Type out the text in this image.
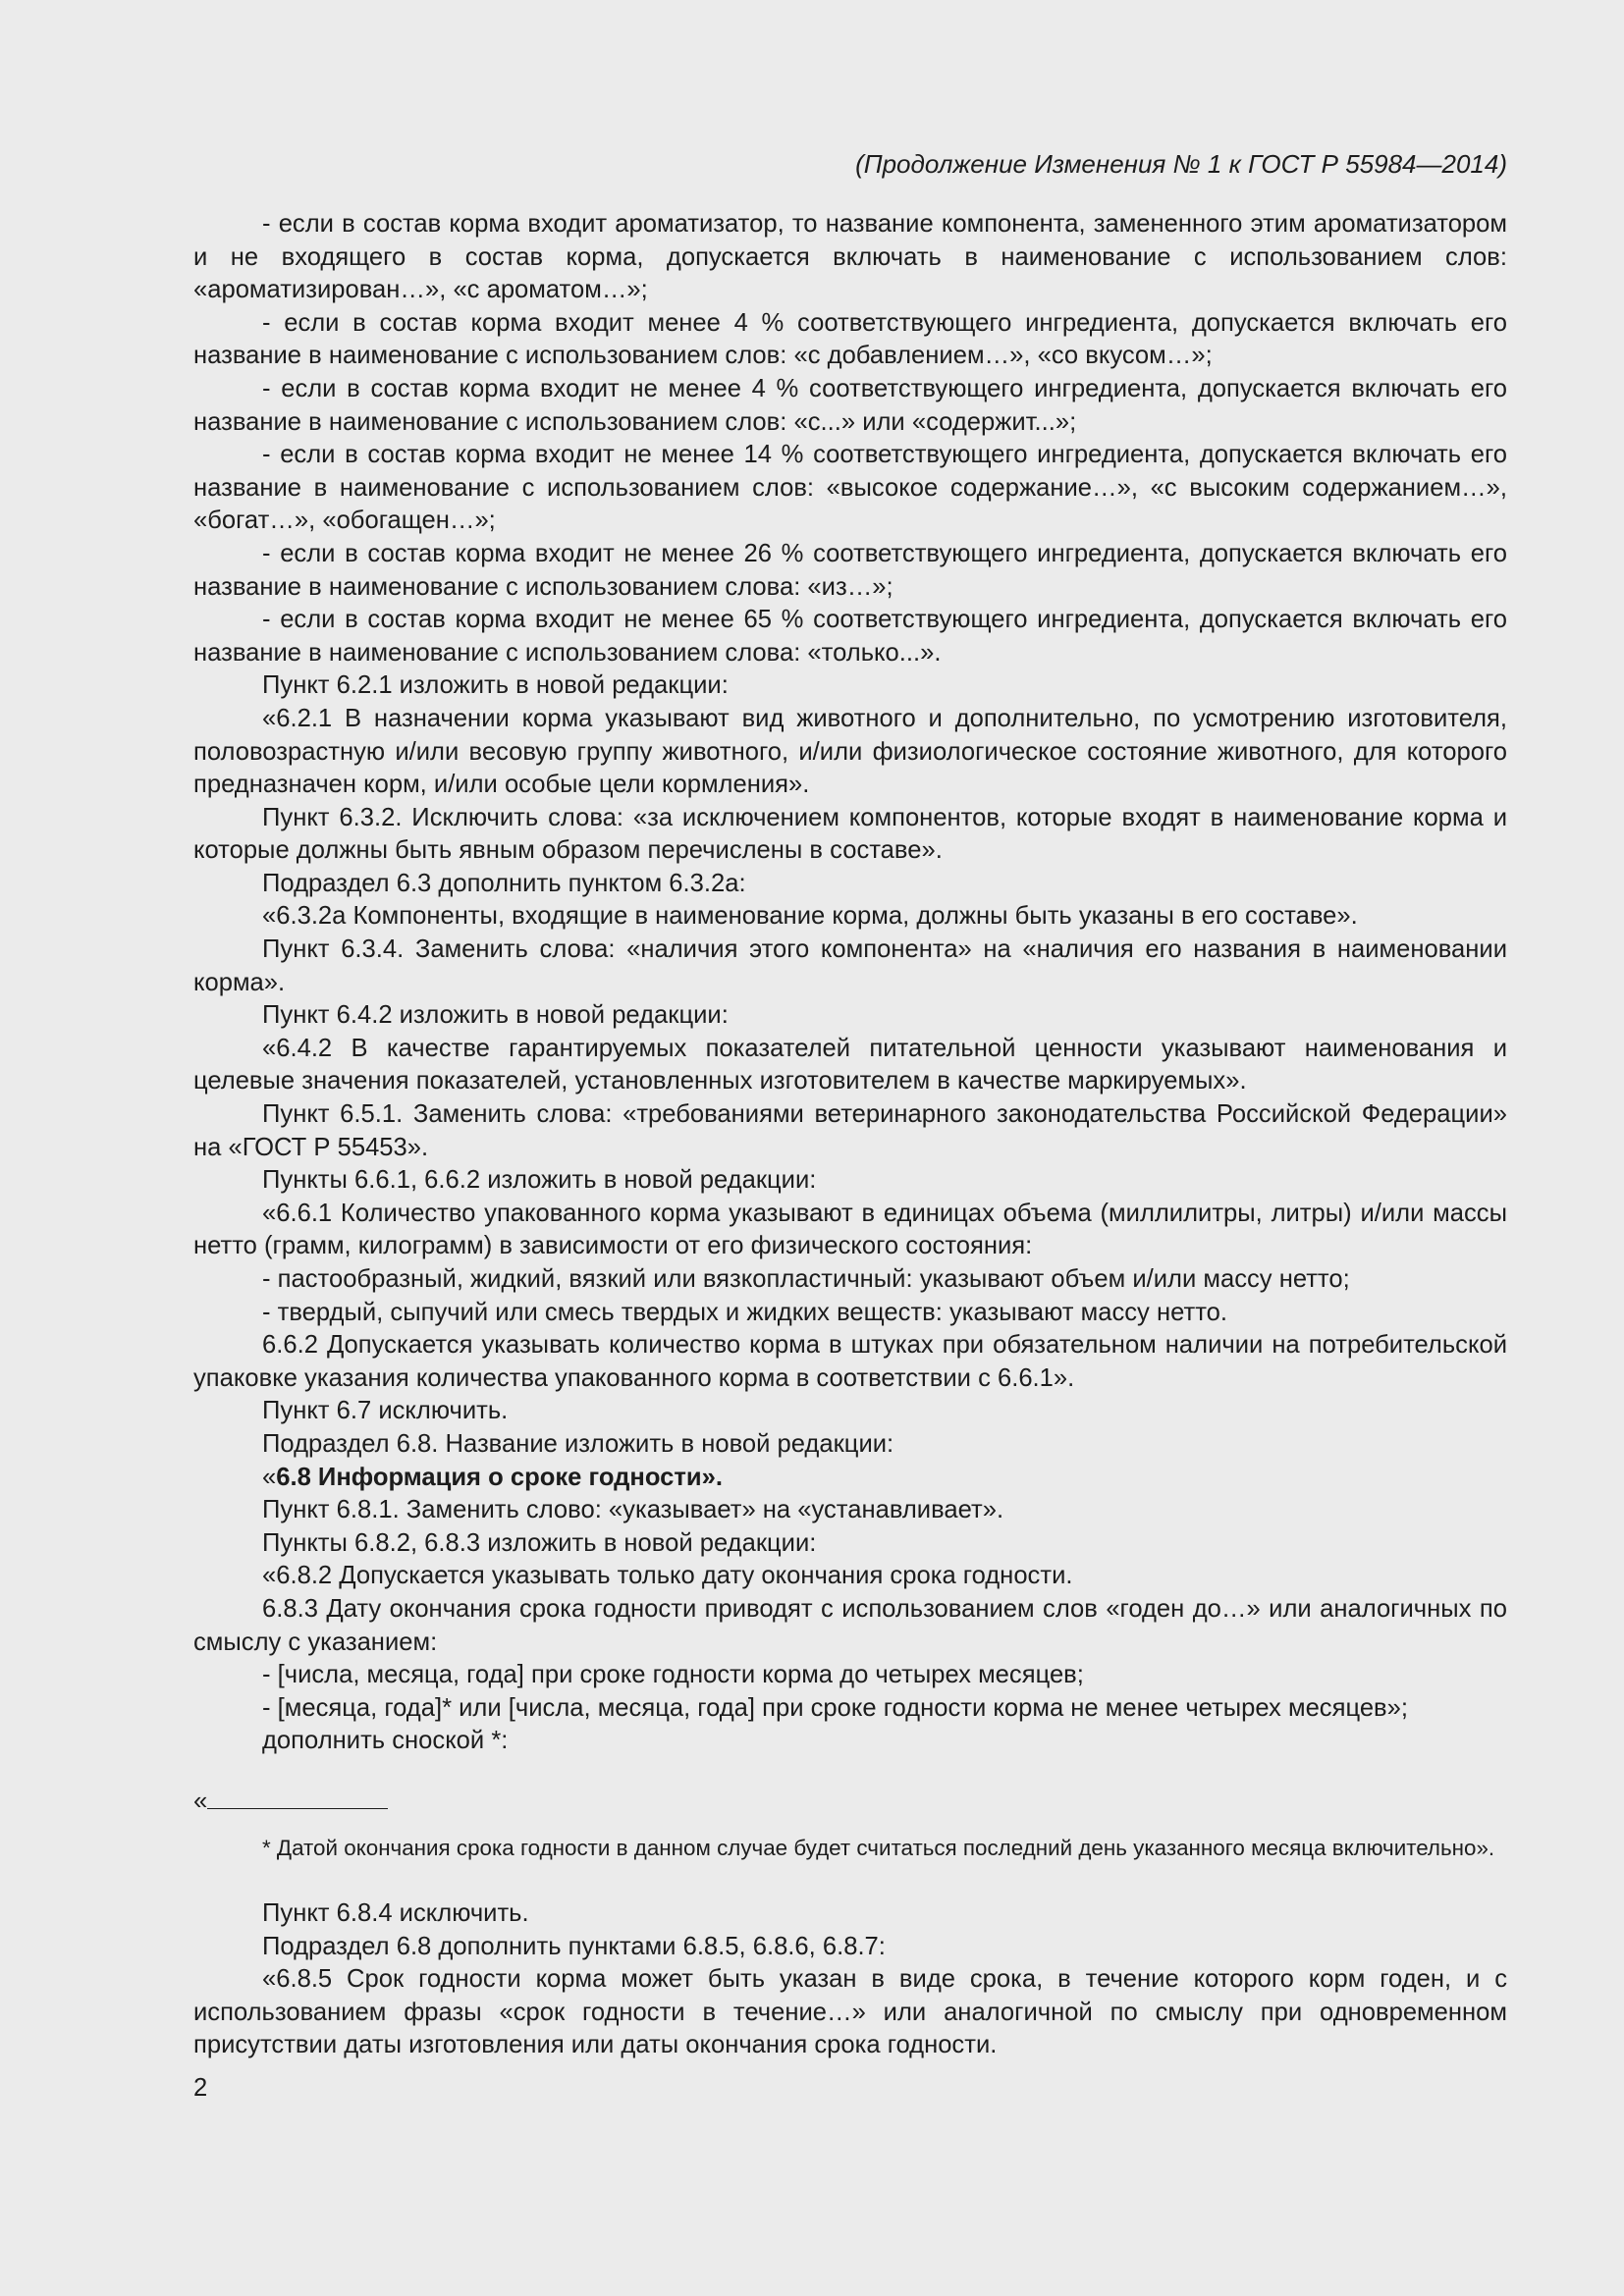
(Продолжение Изменения № 1 к ГОСТ Р 55984—2014)

- если в состав корма входит ароматизатор, то название компонента, замененного этим ароматизатором и не входящего в состав корма, допускается включать в наименование с использованием слов: «ароматизирован…», «с ароматом…»;

- если в состав корма входит менее 4 % соответствующего ингредиента, допускается включать его название в наименование с использованием слов: «с добавлением…», «со вкусом…»;

- если в состав корма входит не менее 4 % соответствующего ингредиента, допускается включать его название в наименование с использованием слов: «с...» или «содержит...»;

- если в состав корма входит не менее 14 % соответствующего ингредиента, допускается включать его название в наименование с использованием слов: «высокое содержание…», «с высоким содержанием…», «богат…», «обогащен…»;

- если в состав корма входит не менее 26 % соответствующего ингредиента, допускается включать его название в наименование с использованием слова: «из…»;

- если в состав корма входит не менее 65 % соответствующего ингредиента, допускается включать его название в наименование с использованием слова: «только...».

Пункт 6.2.1 изложить в новой редакции:

«6.2.1 В назначении корма указывают вид животного и дополнительно, по усмотрению изготовителя, половозрастную и/или весовую группу животного, и/или физиологическое состояние животного, для которого предназначен корм, и/или особые цели кормления».

Пункт 6.3.2. Исключить слова: «за исключением компонентов, которые входят в наименование корма и которые должны быть явным образом перечислены в составе».

Подраздел 6.3 дополнить пунктом 6.3.2а:

«6.3.2а Компоненты, входящие в наименование корма, должны быть указаны в его составе».

Пункт 6.3.4. Заменить слова: «наличия этого компонента» на «наличия его названия в наименовании корма».

Пункт 6.4.2 изложить в новой редакции:

«6.4.2 В качестве гарантируемых показателей питательной ценности указывают наименования и целевые значения показателей, установленных изготовителем в качестве маркируемых».

Пункт 6.5.1. Заменить слова: «требованиями ветеринарного законодательства Российской Федерации» на «ГОСТ Р 55453».

Пункты 6.6.1, 6.6.2 изложить в новой редакции:

«6.6.1 Количество упакованного корма указывают в единицах объема (миллилитры, литры) и/или массы нетто (грамм, килограмм) в зависимости от его физического состояния:

- пастообразный, жидкий, вязкий или вязкопластичный: указывают объем и/или массу нетто;

- твердый, сыпучий или смесь твердых и жидких веществ: указывают массу нетто.

6.6.2 Допускается указывать количество корма в штуках при обязательном наличии на потребительской упаковке указания количества упакованного корма в соответствии с 6.6.1».

Пункт 6.7 исключить.

Подраздел 6.8. Название изложить в новой редакции:

«6.8 Информация о сроке годности».

Пункт 6.8.1. Заменить слово: «указывает» на «устанавливает».

Пункты 6.8.2, 6.8.3 изложить в новой редакции:

«6.8.2 Допускается указывать только дату окончания срока годности.

6.8.3 Дату окончания срока годности приводят с использованием слов «годен до…» или аналогичных по смыслу с указанием:

- [числа, месяца, года] при сроке годности корма до четырех месяцев;

- [месяца, года]* или [числа, месяца, года] при сроке годности корма не менее четырех месяцев»;

дополнить сноской *:

«

* Датой окончания срока годности в данном случае будет считаться последний день указанного месяца включительно».

Пункт 6.8.4 исключить.

Подраздел 6.8 дополнить пунктами 6.8.5, 6.8.6, 6.8.7:

«6.8.5 Срок годности корма может быть указан в виде срока, в течение которого корм годен, и с использованием фразы «срок годности в течение…» или аналогичной по смыслу при одновременном присутствии даты изготовления или даты окончания срока годности.

2
